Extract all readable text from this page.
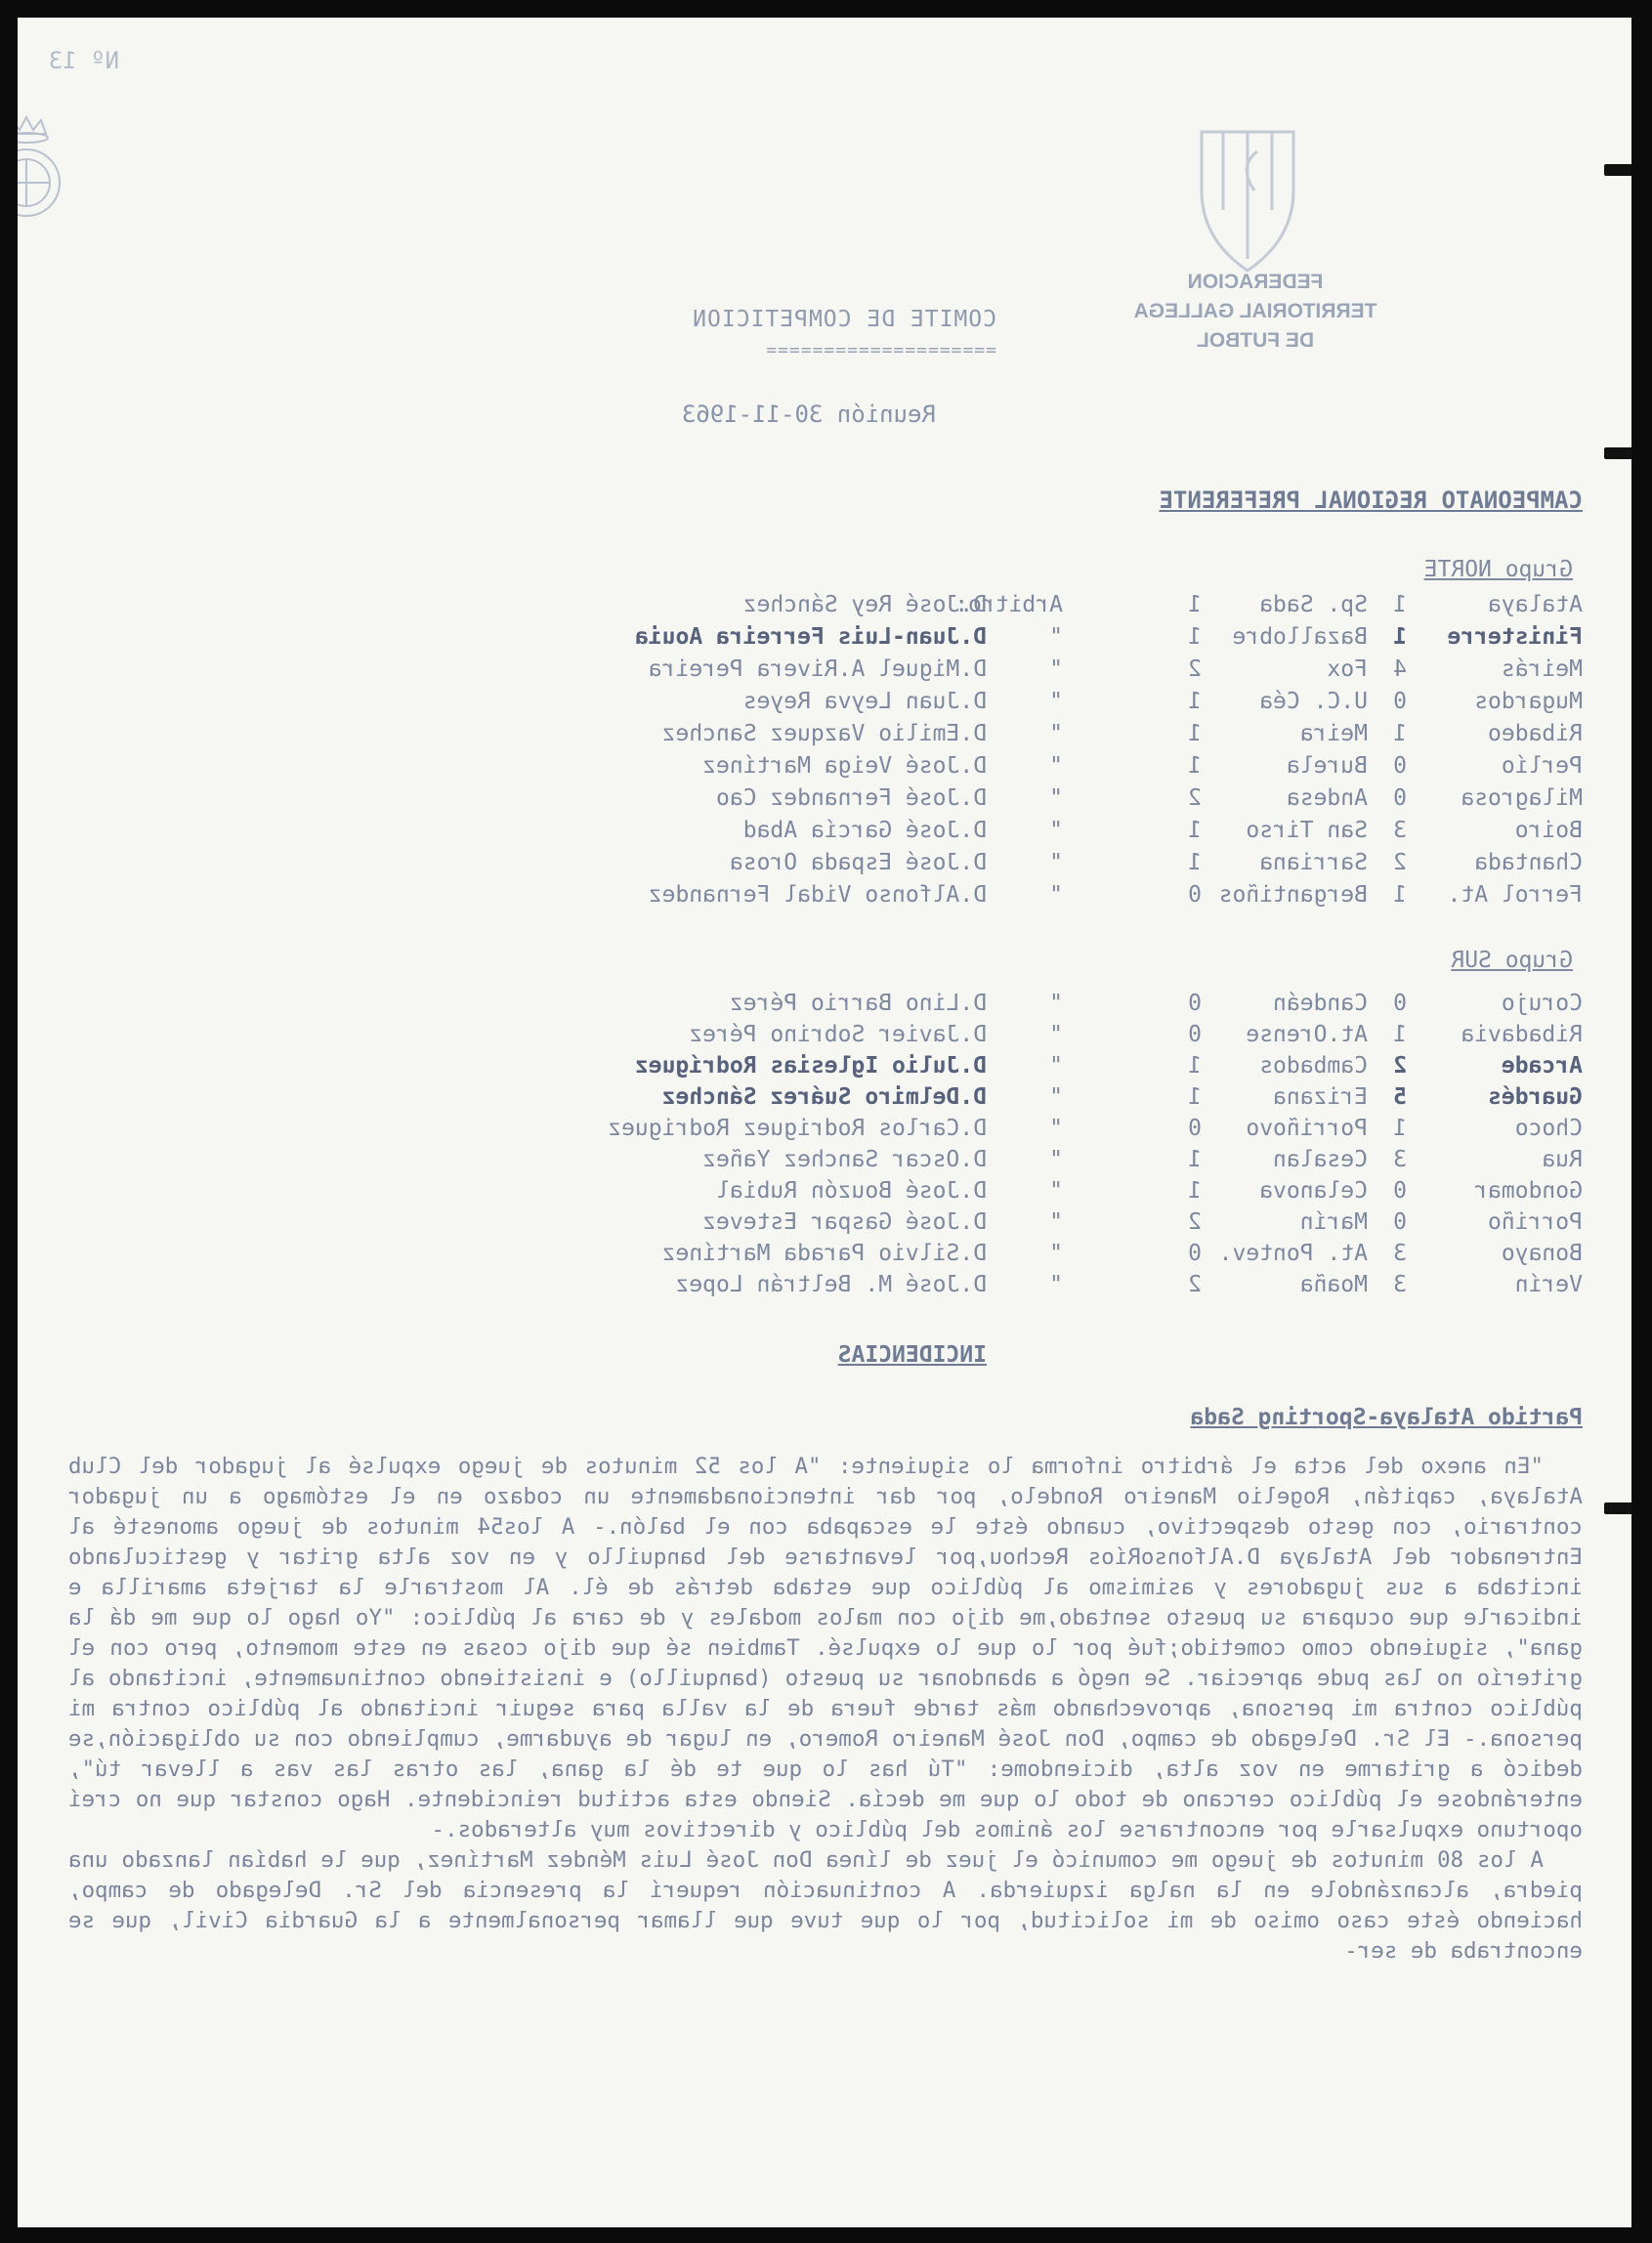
Nº 13

FEDERACION TERRITORIAL GALLEGA
DE FUTBOL
COMITE DE COMPETICION
====================
Reunión 30-11-1963
CAMPEONATO REGIONAL PREFERENTE
Grupo NORTE
Atalaya
1
Sp. Sada
1
Arbitro:
D.José Rey Sánchez
Finisterre
1
Bazallobre
1
"
D.Juan-Luis Ferreira Aouia
Meirás
4
Fox
2
"
D.Miguel A.Rivera Pereira
Mugardos
0
U.C. Céa
1
"
D.Juan Leyva Reyes
Ribadeo
1
Meira
1
"
D.Emilio Vazquez Sanchez
Perlío
0
Burela
1
"
D.José Veiga Martínez
Milagrosa
0
Andesa
2
"
D.José Fernandez Cao
Boiro
3
San Tirso
1
"
D.José García Abad
Chantada
2
Sarriana
1
"
D.José Espada Orosa
Ferrol At.
1
Bergantiños
0
"
D.Alfonso Vidal Fernandez
Grupo SUR
Corujo
0
Candeán
0
"
D.Lino Barrio Pérez
Ribadavia
1
At.Orense
0
"
D.Javier Sobrino Pérez
Arcade
2
Cambados
1
"
D.Julio Iglesias Rodríguez
Guardés
5
Erizana
1
"
D.Delmiro Suárez Sánchez
Choco
1
Porriñovo
0
"
D.Carlos Rodriguez Rodriguez
Rua
3
Cesalan
1
"
D.Oscar Sanchez Yañez
Gondomar
0
Celanova
1
"
D.José Bouzón Rubial
Porriño
0
Marín
2
"
D.José Gaspar Estevez
Bonayo
3
At. Pontev.
0
"
D.Silvio Parada Martínez
Verín
3
Moaña
2
"
D.José M. Beltrán Lopez
INCIDENCIAS
Partido Atalaya-Sporting Sada

"En anexo del acta el árbitro informa lo siguiente: "A los 52 minutos de juego expulsé al jugador del Club Atalaya, capitán, Rogelio Maneiro Rondelo, por dar intencionadamente un codazo en el estómago a un jugador contrario, con gesto despectivo, cuando éste le escapaba con el balón.- A los54 minutos de juego amonesté al Entrenador del Atalaya D.AlfonsoRíos Rechou,por levantarse del banquillo y en voz alta gritar y gesticulando incitaba a sus jugadores y asimismo al público que estaba detrás de él. Al mostrarle la tarjeta amarilla e indicarle que ocupara su puesto sentado,me dijo con malos modales y de cara al público: "Yo hago lo que me dá la gana", siguiendo como cometido;fué por lo que lo expulsé. Tambien sé que dijo cosas en este momento, pero con el griterío no las pude apreciar. Se negó a abandonar su puesto (banquillo) e insistiendo continuamente, incitando al público contra mi persona, aprovechando más tarde fuera de la valla para seguir incitando al público contra mi persona.- El Sr. Delegado de campo, Don José Maneiro Romero, en lugar de ayudarme, cumpliendo con su obligación,se dedicó a gritarme en voz alta, diciendome: "Tú has lo que te dé la gana, las otras las vas a llevar tú", enterándose el público cercano de todo lo que me decía. Siendo esta actitud reincidente. Hago constar que no creí oportuno expulsarle por encontrarse los ánimos del público y directivos muy alterados.-

A los 80 minutos de juego me comunicó el juez de línea Don José Luis Méndez Martínez, que le habían lanzado una piedra, alcanzándole en la nalga izquierda. A continuación requerí la presencia del Sr. Delegado de campo, haciendo éste caso omiso de mi solicitud, por lo que tuve que llamar personalmente a la Guardia Civil, que se encontraba de ser-
